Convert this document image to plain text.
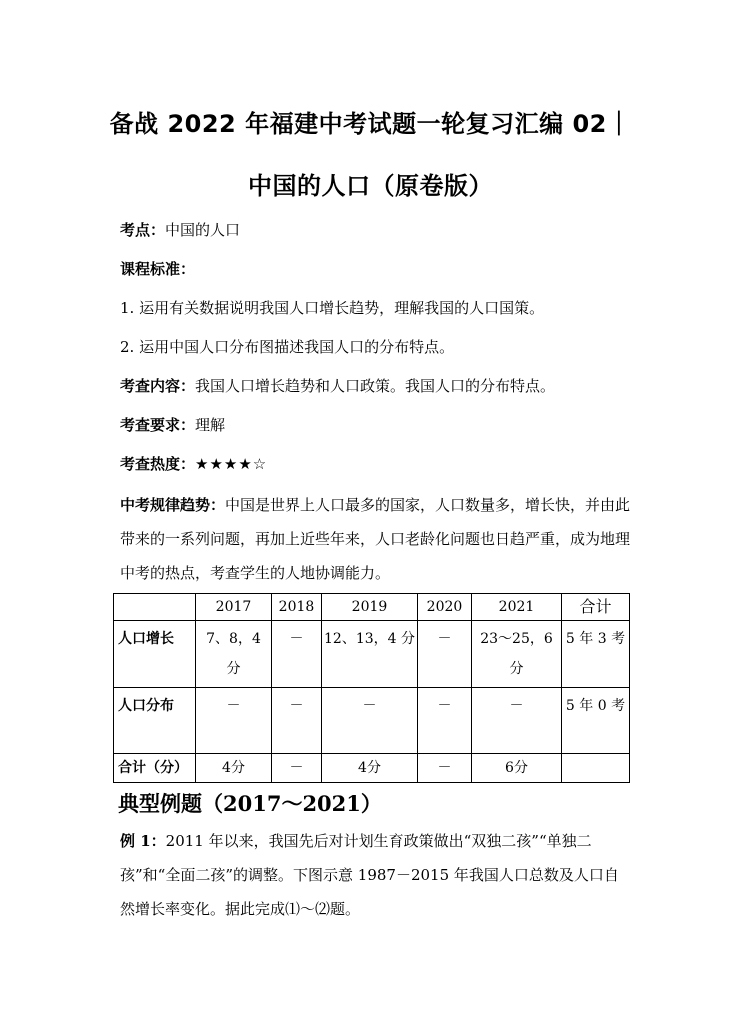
备战 2022 年福建中考试题一轮复习汇编 02｜
中国的人口（原卷版）
考点：中国的人口
课程标准：
1. 运用有关数据说明我国人口增长趋势，理解我国的人口国策。
2. 运用中国人口分布图描述我国人口的分布特点。
考查内容：我国人口增长趋势和人口政策。我国人口的分布特点。
考查要求：理解
考查热度：★★★★☆
中考规律趋势：中国是世界上人口最多的国家，人口数量多，增长快，并由此带来的一系列问题，再加上近些年来，人口老龄化问题也日趋严重，成为地理中考的热点，考查学生的人地协调能力。
	2017	2018	2019	2020	2021	合计
人口增长	7、8，4 分	－	12、13，4 分	－	23～25，6 分	5 年 3 考
人口分布	－	－	－	－	－	5 年 0 考
合计（分）	4分	－	4分	－	6分	
典型例题（2017～2021）
例 1：2011 年以来，我国先后对计划生育政策做出“双独二孩”“单独二孩”和“全面二孩”的调整。下图示意 1987－2015 年我国人口总数及人口自然增长率变化。据此完成⑴～⑵题。
